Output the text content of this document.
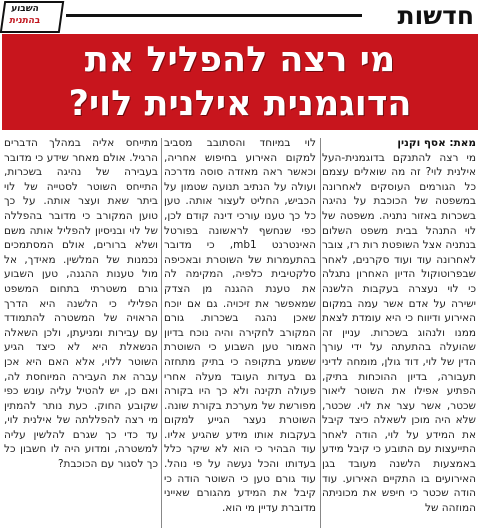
השבוע
בהתנית	חדשות
מי רצה להפליל את
הדוגמנית אילנית לוי?

מאת: אסף וקנין

מי רצה להתנקם בדוגמנית-העל אילנית לוי? זה מה שואלים עצמם כל הגורמים העוסקים לאחרונה במשפטה של הכוכבת על נהיגה בשכרות באזור נתניה. משפטה של לוי התנהל בבית משפט השלום בנתניה אצל השופטת רות רז, צובר לאחרונה עוד ועוד סקרנים, לאחר שבפרוטוקול הדיון האחרון נתגלה כי לוי נעצרה בעקבות הלשנה ישירה על אדם אשר עמה במקום האירוע ודיווח כי היא עומדת לצאת ממנו ולנהוג בשכרות. עניין זה שהועלה בהתעתה על ידי עורך הדין של לוי, דוד גולן, מומחה לדיני תעבורה, בדיון ההוכחות בתיק, הפתיע אפילו את השוטר ליאור שכטר, אשר עצר את לוי. שכטר, שלא היה מוכן לשאלה כיצד קיבל את המידע על לוי, הודה לאחר התייעצות עם התובע כי קיבל מידע באמצעות הלשנה מעובד בגן האירועים בו התקיים האירוע. עוד הודה שכטר כי חיפש את מכוניתה המוזהה של

לוי במיוחד והסתובב מסביב למקום האירוע בחיפוש אחריה, וכאשר ראה מאזדה סוסה מדרכה ועולה על הנתיב תנועה שטמון על הכביש, החליט לעצור אותה. טען כל כך טענו עורכי דינה קודם לכן, כפי שנחשף לראשונה בפורטל האינטרנט mb1, כי מדובר בהתעמרות של השוטרת ובאכיפה סלקטיבית כלפיה, המקימה לה את טענת ההגנה מן הצדק שמאפשר את זיכויה. גם אם יוכח שאכן נהגה בשכרות. גורם המקורב לחקירה והיה נוכח בדיון האמור טען השבוע כי השוטרת ששמע בתקופה כי בתיק מתחזה גם בעדות העובד מעלה אחרי פעולה תקינה ולא כך היו בקורה מפורשת של מערכת בקורת שונה. השוטרת נעצר הגייע למקום בעקבות אותו מידע שהגיע אליו. עוד הבהיר כי הוא לא שיקר כלל בעדותו והכל נעשה על פי נוהל. עוד גורם טען כי השוטר הודה כי קיבל את המידע מהגורם שאייני מדוברת עדיין מי הוא.

מתייחס אליה במהלך הדברים הרגיל. אולם מאחר שידע כי מדובר בעבירה של נהיגה בשכרות, התייחס השוטר לסטייה של לוי ביתר שאת ועצר אותה. על כך טוען המקורב כי מדובר בהפללה של לוי ובניסיון להפליל אותה משם ושלא ברורים, אולם המסתמכים נכמנות של המלשין. מאידך, אל מול טענות ההגנה, טען השבוע גורם משטרתי בתחום המשפט הפלילי כי הלשנה היא הדרך הראויה של המשטרה להתמודד עם עבירות ומניעתן, ולכן השאלה הנשאלת היא לא כיצד הגיע השוטר ללוי, אלא האם היא אכן עברה את העבירה המיוחסת לה, ואם כן, יש להטיל עליה עונש כפי שקובע החוק. כעת נותר להמתין מי רצה להפללתה של אילנית לוי, עד כדי כך שגרם להלשין עליה למשטרה, ומדוע היה לו חשבון כל כך לסגור עם הכוכבת?
